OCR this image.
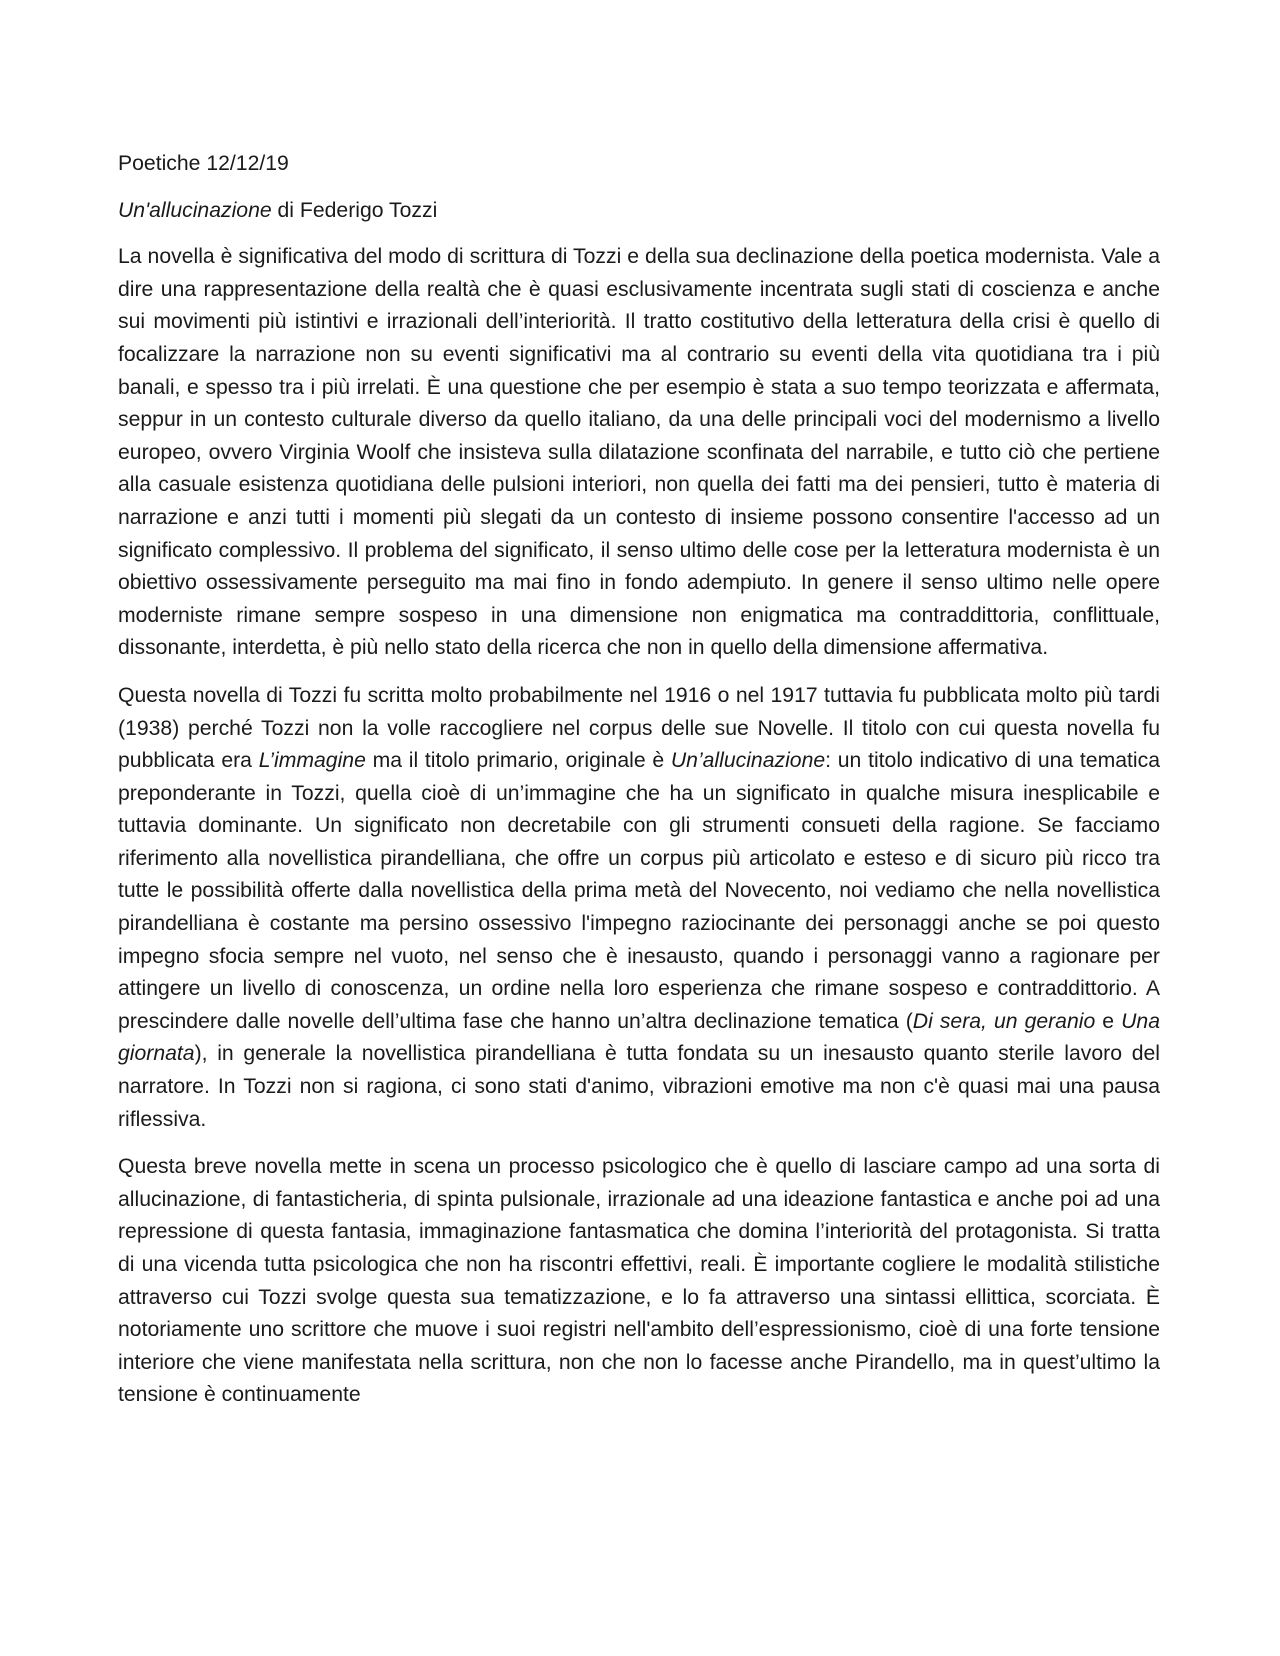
Poetiche 12/12/19
Un'allucinazione di Federigo Tozzi

La novella è significativa del modo di scrittura di Tozzi e della sua declinazione della poetica modernista. Vale a dire una rappresentazione della realtà che è quasi esclusivamente incentrata sugli stati di coscienza e anche sui movimenti più istintivi e irrazionali dell’interiorità. Il tratto costitutivo della letteratura della crisi è quello di focalizzare la narrazione non su eventi significativi ma al contrario su eventi della vita quotidiana tra i più banali, e spesso tra i più irrelati. È una questione che per esempio è stata a suo tempo teorizzata e affermata, seppur in un contesto culturale diverso da quello italiano, da una delle principali voci del modernismo a livello europeo, ovvero Virginia Woolf che insisteva sulla dilatazione sconfinata del narrabile, e tutto ciò che pertiene alla casuale esistenza quotidiana delle pulsioni interiori, non quella dei fatti ma dei pensieri, tutto è materia di narrazione e anzi tutti i momenti più slegati da un contesto di insieme possono consentire l'accesso ad un significato complessivo. Il problema del significato, il senso ultimo delle cose per la letteratura modernista è un obiettivo ossessivamente perseguito ma mai fino in fondo adempiuto. In genere il senso ultimo nelle opere moderniste rimane sempre sospeso in una dimensione non enigmatica ma contraddittoria, conflittuale, dissonante, interdetta, è più nello stato della ricerca che non in quello della dimensione affermativa.

Questa novella di Tozzi fu scritta molto probabilmente nel 1916 o nel 1917 tuttavia fu pubblicata molto più tardi (1938) perché Tozzi non la volle raccogliere nel corpus delle sue Novelle. Il titolo con cui questa novella fu pubblicata era L’immagine ma il titolo primario, originale è Un’allucinazione: un titolo indicativo di una tematica preponderante in Tozzi, quella cioè di un’immagine che ha un significato in qualche misura inesplicabile e tuttavia dominante. Un significato non decretabile con gli strumenti consueti della ragione. Se facciamo riferimento alla novellistica pirandelliana, che offre un corpus più articolato e esteso e di sicuro più ricco tra tutte le possibilità offerte dalla novellistica della prima metà del Novecento, noi vediamo che nella novellistica pirandelliana è costante ma persino ossessivo l'impegno raziocinante dei personaggi anche se poi questo impegno sfocia sempre nel vuoto, nel senso che è inesausto, quando i personaggi vanno a ragionare per attingere un livello di conoscenza, un ordine nella loro esperienza che rimane sospeso e contraddittorio. A prescindere dalle novelle dell’ultima fase che hanno un’altra declinazione tematica (Di sera, un geranio e Una giornata), in generale la novellistica pirandelliana è tutta fondata su un inesausto quanto sterile lavoro del narratore. In Tozzi non si ragiona, ci sono stati d'animo, vibrazioni emotive ma non c'è quasi mai una pausa riflessiva.

Questa breve novella mette in scena un processo psicologico che è quello di lasciare campo ad una sorta di allucinazione, di fantasticheria, di spinta pulsionale, irrazionale ad una ideazione fantastica e anche poi ad una repressione di questa fantasia, immaginazione fantasmatica che domina l’interiorità del protagonista. Si tratta di una vicenda tutta psicologica che non ha riscontri effettivi, reali. È importante cogliere le modalità stilistiche attraverso cui Tozzi svolge questa sua tematizzazione, e lo fa attraverso una sintassi ellittica, scorciata. È notoriamente uno scrittore che muove i suoi registri nell'ambito dell’espressionismo, cioè di una forte tensione interiore che viene manifestata nella scrittura, non che non lo facesse anche Pirandello, ma in quest’ultimo la tensione è continuamente
